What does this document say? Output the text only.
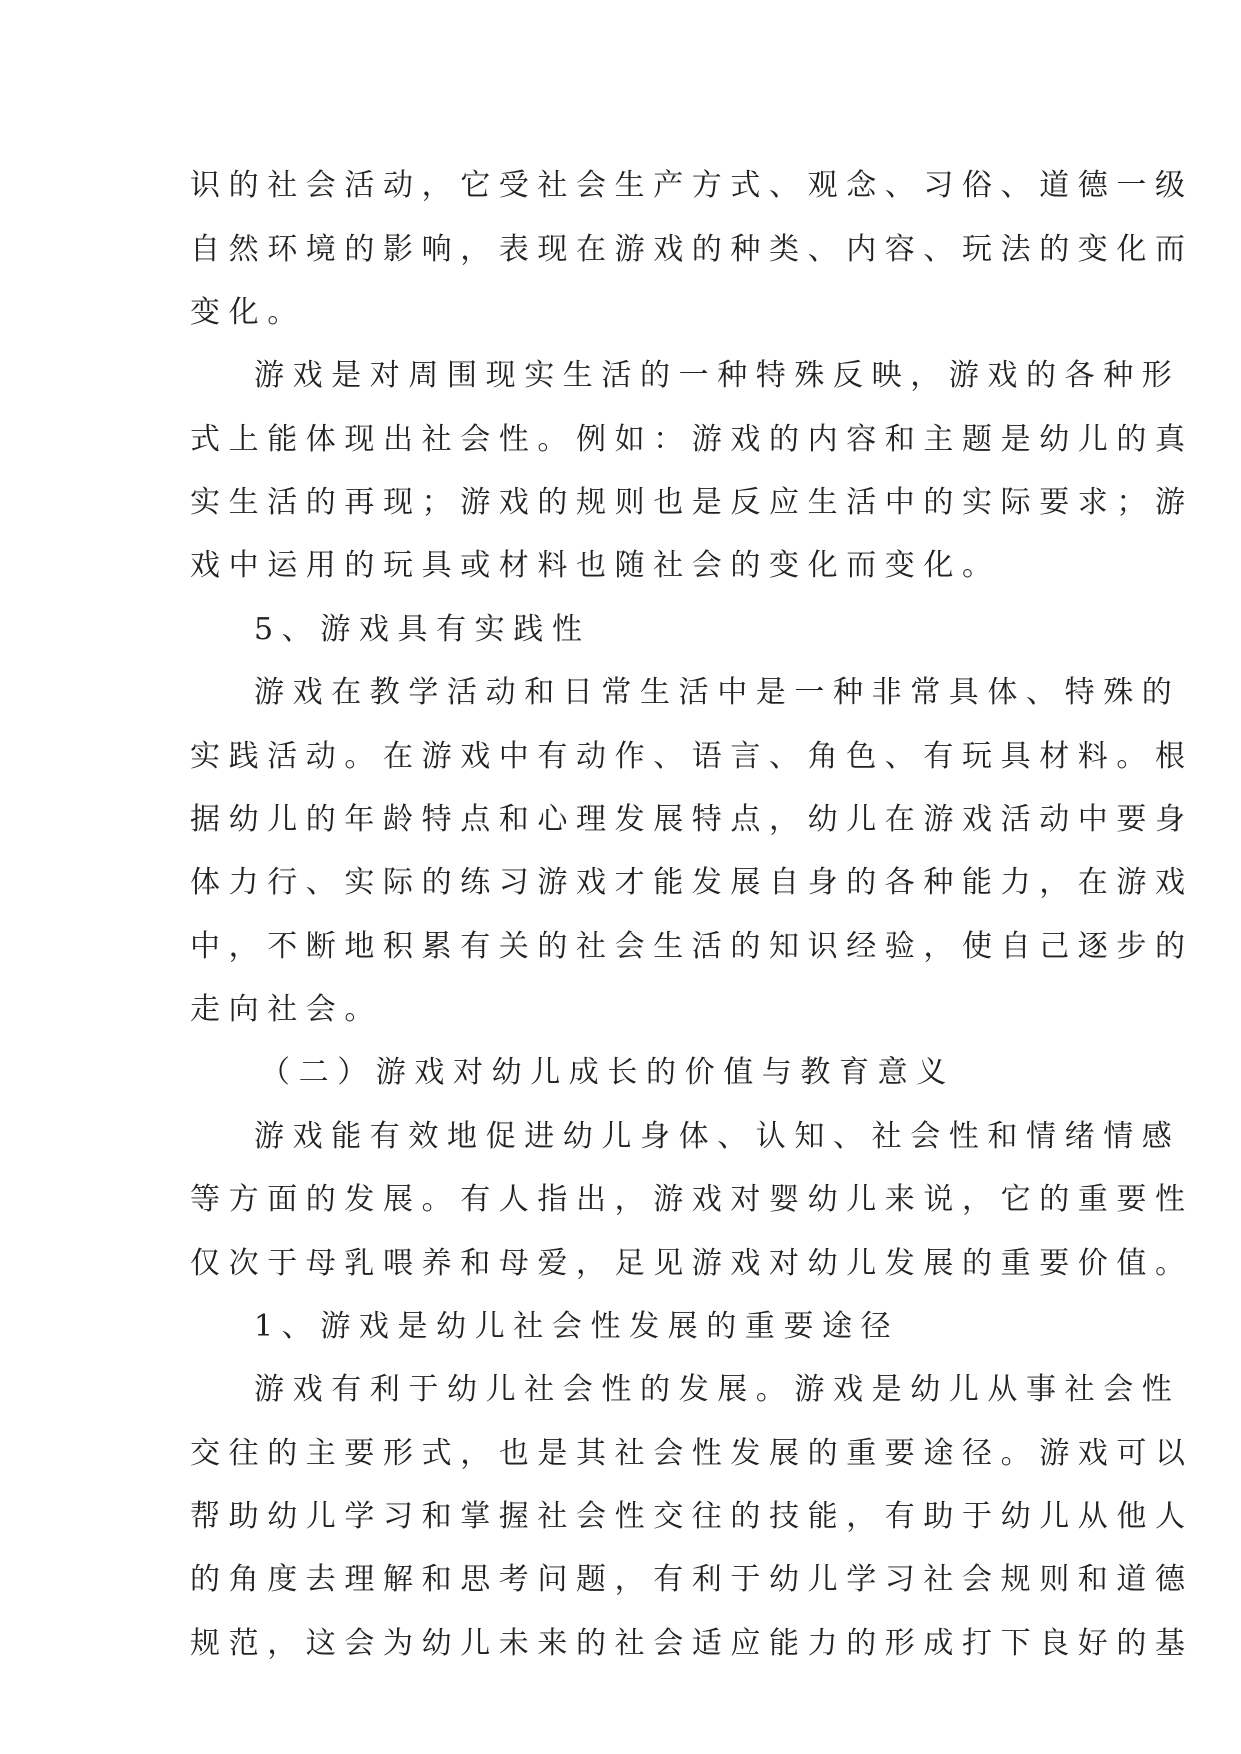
识的社会活动，它受社会生产方式、观念、习俗、道德一级
自然环境的影响，表现在游戏的种类、内容、玩法的变化而
变化。
游戏是对周围现实生活的一种特殊反映，游戏的各种形
式上能体现出社会性。例如：游戏的内容和主题是幼儿的真
实生活的再现；游戏的规则也是反应生活中的实际要求；游
戏中运用的玩具或材料也随社会的变化而变化。
5、游戏具有实践性
游戏在教学活动和日常生活中是一种非常具体、特殊的
实践活动。在游戏中有动作、语言、角色、有玩具材料。根
据幼儿的年龄特点和心理发展特点，幼儿在游戏活动中要身
体力行、实际的练习游戏才能发展自身的各种能力，在游戏
中，不断地积累有关的社会生活的知识经验，使自己逐步的
走向社会。
（二）游戏对幼儿成长的价值与教育意义
游戏能有效地促进幼儿身体、认知、社会性和情绪情感
等方面的发展。有人指出，游戏对婴幼儿来说，它的重要性
仅次于母乳喂养和母爱，足见游戏对幼儿发展的重要价值。
1、游戏是幼儿社会性发展的重要途径
游戏有利于幼儿社会性的发展。游戏是幼儿从事社会性
交往的主要形式，也是其社会性发展的重要途径。游戏可以
帮助幼儿学习和掌握社会性交往的技能，有助于幼儿从他人
的角度去理解和思考问题，有利于幼儿学习社会规则和道德
规范，这会为幼儿未来的社会适应能力的形成打下良好的基
